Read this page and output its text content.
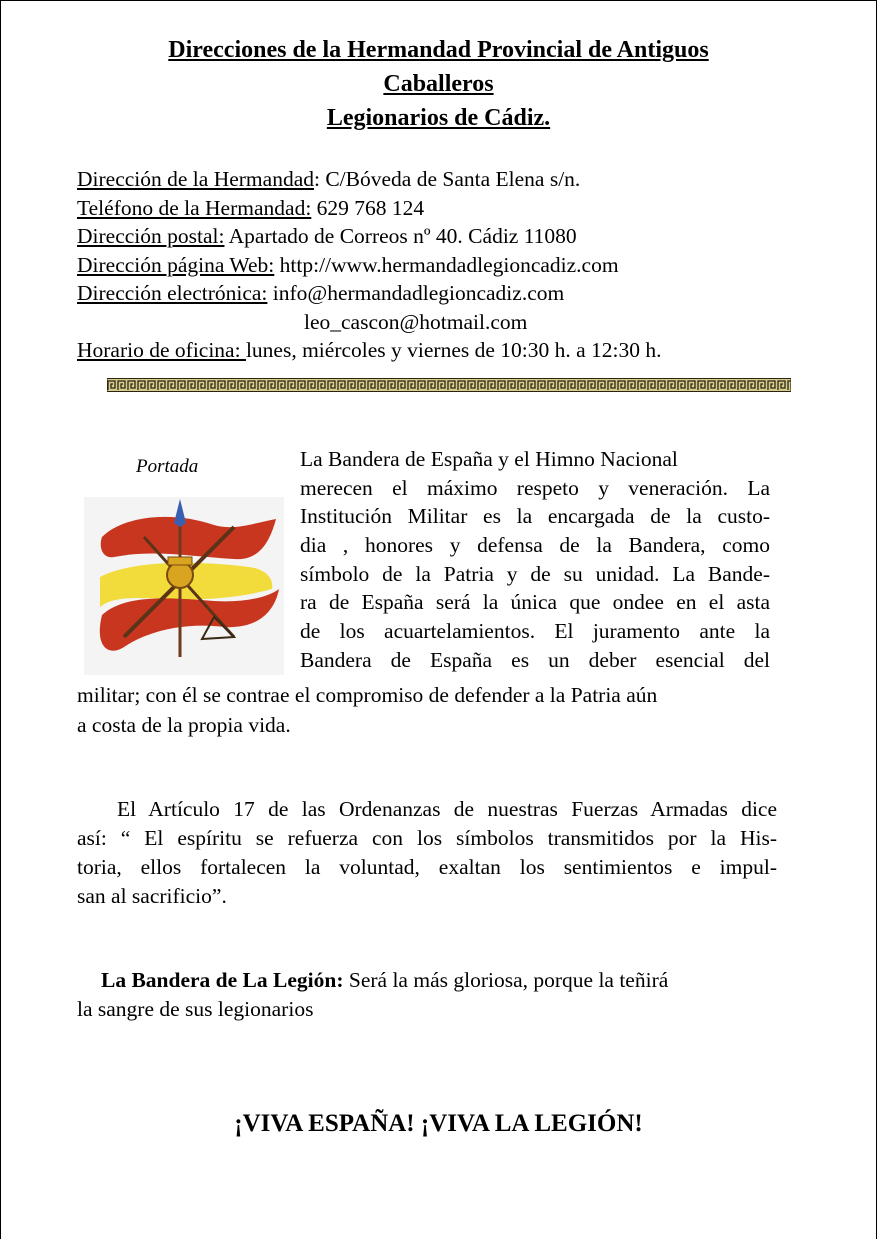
Direcciones de la Hermandad Provincial de Antiguos
Caballeros
Legionarios de Cádiz.
Dirección de la Hermandad: C/Bóveda de Santa Elena s/n.
Teléfono de la Hermandad: 629 768 124
Dirección postal: Apartado de Correos nº 40. Cádiz 11080
Dirección página Web: http://www.hermandadlegioncadiz.com
Dirección electrónica: info@hermandadlegioncadiz.com
leo_cascon@hotmail.com
Horario de oficina: lunes, miércoles y viernes de 10:30 h. a 12:30 h.
Portada	La Bandera de España y el Himno Nacional
merecen el máximo respeto y veneración. La
Institución Militar es la encargada de la custo-
dia , honores y defensa de la Bandera, como
símbolo de la Patria y de su unidad. La Bande-
ra de España será la única que ondee en el asta
de los acuartelamientos. El juramento ante la
Bandera de España es un deber esencial del
militar; con él se contrae el compromiso de defender a la Patria aún
a costa de la propia vida.
El Artículo 17 de las Ordenanzas de nuestras Fuerzas Armadas dice
así: “ El espíritu se refuerza con los símbolos transmitidos por la His-
toria, ellos fortalecen la voluntad, exaltan los sentimientos e impul-
san al sacrificio”.
La Bandera de La Legión: Será la más gloriosa, porque la teñirá
la sangre de sus legionarios
¡VIVA ESPAÑA! ¡VIVA LA LEGIÓN!
